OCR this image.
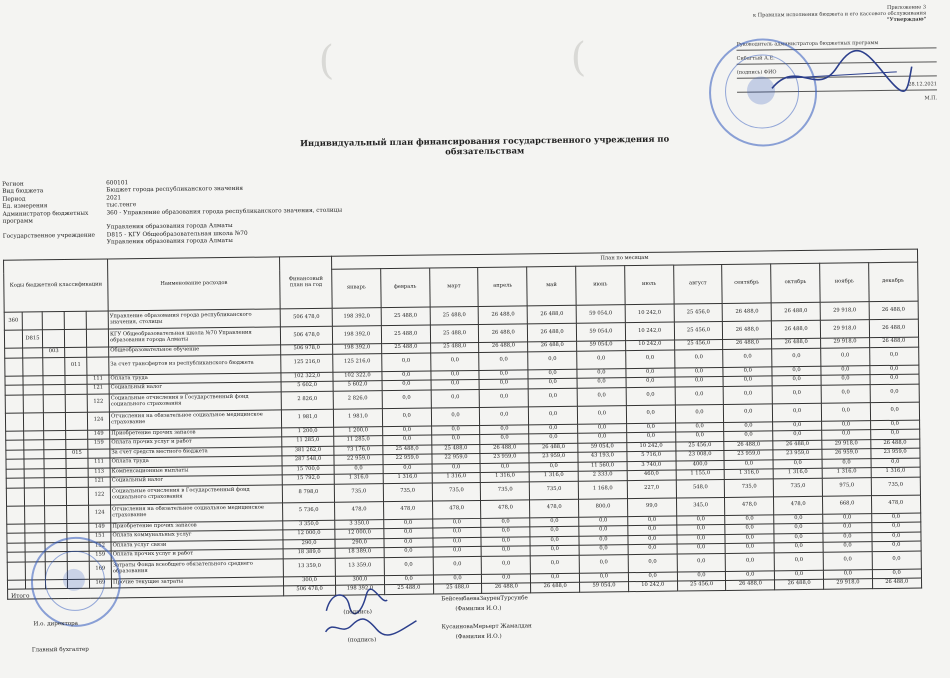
(	(
Приложение 3
к Правилам исполнения бюджета и его кассового обслуживания
"Утверждаю"
Руководитель администратора бюджетных программ
Сибагтый А.Е.
(подпись) ФИО
28.12.2021
М.П.
Индивидуальный план финансирования государственного учреждения по обязательствам
Регион	600101
Вид бюджета	Бюджет города республиканского значения
Период	2021
Ед. измерения	тыс.тенге
Администратор бюджетных программ
360 - Управление образования города республиканского значения, столицы
Управления образования города Алматы
Государственное учреждение	D815 - КГУ Общеобразовательная школа №70
Управления образования города Алматы
Коды бюджетной классификации					Наименование расходов	Финансовый план на год	План по месяцам											
							январь	февраль	март	апрель	май	июнь	июль	август	сентябрь	октябрь	ноябрь	декабрь
360					Управление образования города республиканского значения, столицы	506 478,0	198 392,0	25 488,0	25 488,0	26 488,0	26 488,0	59 054,0	10 242,0	25 456,0	26 488,0	26 488,0	29 918,0	26 488,0
	D815				КГУ Общеобразовательная школа №70 Управления образования города Алматы	506 478,0	198 392,0	25 488,0	25 488,0	26 488,0	26 488,0	59 054,0	10 242,0	25 456,0	26 488,0	26 488,0	29 918,0	26 488,0
		003			Общеобразовательное обучение	506 978,0	198 392,0	25 488,0	25 488,0	26 488,0	26 488,0	59 054,0	10 242,0	25 456,0	26 488,0	26 488,0	29 918,0	26 488,0
			011		За счет трансфертов из республиканского бюджета	125 216,0	125 216,0	0,0	0,0	0,0	0,0	0,0	0,0	0,0	0,0	0,0	0,0	0,0
				111	Оплата труда	102 322,0	102 322,0	0,0	0,0	0,0	0,0	0,0	0,0	0,0	0,0	0,0	0,0	0,0
				121	Социальный налог	5 602,0	5 602,0	0,0	0,0	0,0	0,0	0,0	0,0	0,0	0,0	0,0	0,0	0,0
				122	Социальные отчисления в Государственный фонд социального страхования	2 826,0	2 826,0	0,0	0,0	0,0	0,0	0,0	0,0	0,0	0,0	0,0	0,0	0,0
				124	Отчисления на обязательное социальное медицинское страхование	1 981,0	1 981,0	0,0	0,0	0,0	0,0	0,0	0,0	0,0	0,0	0,0	0,0	0,0
				149	Приобретение прочих запасов	1 200,0	1 200,0	0,0	0,0	0,0	0,0	0,0	0,0	0,0	0,0	0,0	0,0	0,0
				159	Оплата прочих услуг и работ	11 285,0	11 285,0	0,0	0,0	0,0	0,0	0,0	0,0	0,0	0,0	0,0	0,0	0,0
			015		За счет средств местного бюджета	381 262,0	73 176,0	25 488,0	25 488,0	26 488,0	26 488,0	59 054,0	10 242,0	25 456,0	26 488,0	26 488,0	29 918,0	26 488,0
				111	Оплата труда	287 548,0	22 959,0	22 959,0	22 959,0	23 959,0	23 959,0	43 193,0	5 716,0	23 008,0	23 959,0	23 959,0	26 959,0	23 959,0
				113	Компенсационные выплаты	15 700,0	0,0	0,0	0,0	0,0	0,0	11 560,0	3 740,0	400,0	0,0	0,0	0,0	0,0
				121	Социальный налог	15 792,0	1 316,0	1 316,0	1 316,0	1 316,0	1 316,0	2 333,0	460,0	1 155,0	1 316,0	1 316,0	1 316,0	1 316,0
				122	Социальные отчисления в Государственный фонд социального страхования	8 798,0	735,0	735,0	735,0	735,0	735,0	1 168,0	227,0	548,0	735,0	735,0	975,0	735,0
				124	Отчисления на обязательное социальное медицинское страхование	5 736,0	478,0	478,0	478,0	478,0	478,0	800,0	99,0	345,0	478,0	478,0	668,0	478,0
				149	Приобретение прочих запасов	3 350,0	3 350,0	0,0	0,0	0,0	0,0	0,0	0,0	0,0	0,0	0,0	0,0	0,0
				151	Оплата коммунальных услуг	12 000,0	12 000,0	0,0	0,0	0,0	0,0	0,0	0,0	0,0	0,0	0,0	0,0	0,0
				152	Оплата услуг связи	290,0	290,0	0,0	0,0	0,0	0,0	0,0	0,0	0,0	0,0	0,0	0,0	0,0
				159	Оплата прочих услуг и работ	18 389,0	18 389,0	0,0	0,0	0,0	0,0	0,0	0,0	0,0	0,0	0,0	0,0	0,0
				169	Затраты Фонда всеобщего обязательного среднего образования	13 359,0	13 359,0	0,0	0,0	0,0	0,0	0,0	0,0	0,0	0,0	0,0	0,0	0,0
				169	Прочие текущие затраты	300,0	300,0	0,0	0,0	0,0	0,0	0,0	0,0	0,0	0,0	0,0	0,0	0,0
						506 478,0	198 392,0	25 488,0	25 488,0	26 488,0	26 488,0	59 054,0	10 242,0	25 456,0	26 488,0	26 488,0	29 918,0	26 488,0
Итого
И.о. директора
Главный бухгалтер
(подпись)
БейсембаеваЗауренТурсунбе
(Фамилия И.О.)
(подпись)
КусаиноваМерьерт Жамалдан
(Фамилия И.О.)
